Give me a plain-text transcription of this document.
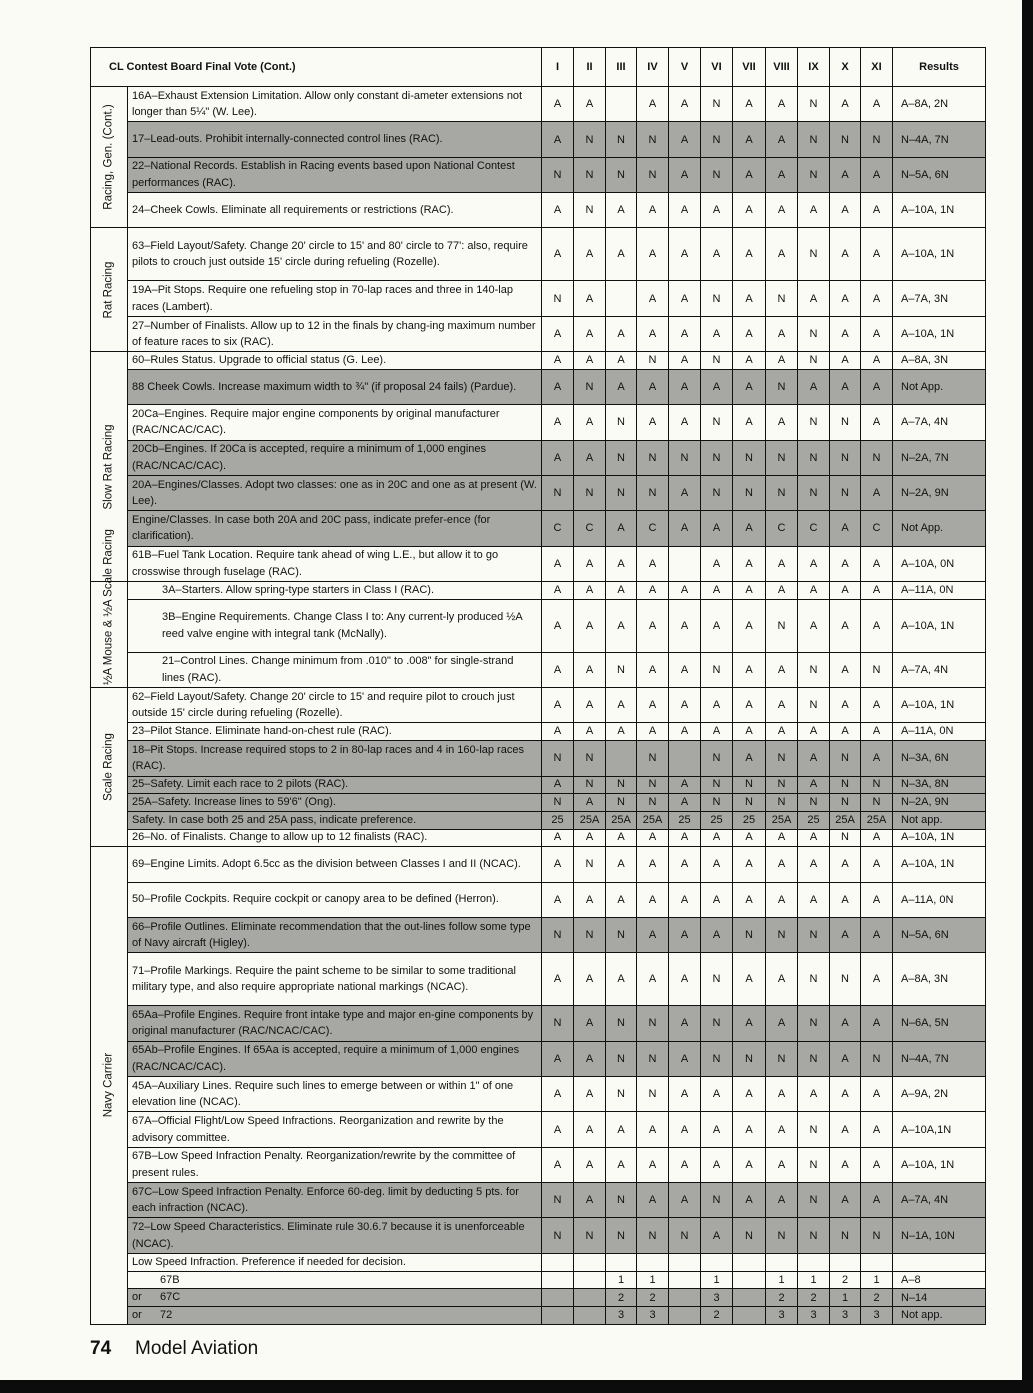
CL Contest Board Final Vote (Cont.)		I	II	III	IV	V	VI	VII	VIII	IX	X	XI	Results

Racing, Gen. (Cont.)	16A–Exhaust Extension Limitation. Allow only constant di-ameter extensions not longer than 5¼" (W. Lee).	A	A		A	A	N	A	A	N	A	A	A–8A, 2N
	17–Lead-outs. Prohibit internally-connected control lines (RAC).	A	N	N	N	A	N	A	A	N	N	N	N–4A, 7N
	22–National Records. Establish in Racing events based upon National Contest performances (RAC).	N	N	N	N	A	N	A	A	N	A	A	N–5A, 6N
	24–Cheek Cowls. Eliminate all requirements or restrictions (RAC).	A	N	A	A	A	A	A	A	A	A	A	A–10A, 1N

Rat Racing	63–Field Layout/Safety. Change 20' circle to 15' and 80' circle to 77': also, require pilots to crouch just outside 15' circle during refueling (Rozelle).	A	A	A	A	A	A	A	A	N	A	A	A–10A, 1N
	19A–Pit Stops. Require one refueling stop in 70-lap races and three in 140-lap races (Lambert).	N	A		A	A	N	A	N	A	A	A	A–7A, 3N
	27–Number of Finalists. Allow up to 12 in the finals by chang-ing maximum number of feature races to six (RAC).	A	A	A	A	A	A	A	A	N	A	A	A–10A, 1N

Slow Rat Racing	60–Rules Status. Upgrade to official status (G. Lee).	A	A	A	N	A	N	A	A	N	A	A	A–8A, 3N
	88 Cheek Cowls. Increase maximum width to ¾" (if proposal 24 fails) (Pardue).	A	N	A	A	A	A	A	N	A	A	A	Not App.
	20Ca–Engines. Require major engine components by original manufacturer (RAC/NCAC/CAC).	A	A	N	A	A	N	A	A	N	N	A	A–7A, 4N
	20Cb–Engines. If 20Ca is accepted, require a minimum of 1,000 engines (RAC/NCAC/CAC).	A	A	N	N	N	N	N	N	N	N	N	N–2A, 7N
	20A–Engines/Classes. Adopt two classes: one as in 20C and one as at present (W. Lee).	N	N	N	N	A	N	N	N	N	N	A	N–2A, 9N
	Engine/Classes. In case both 20A and 20C pass, indicate prefer-ence (for clarification).	C	C	A	C	A	A	A	C	C	A	C	Not App.
	61B–Fuel Tank Location. Require tank ahead of wing L.E., but allow it to go crosswise through fuselage (RAC).	A	A	A	A		A	A	A	A	A	A	A–10A, 0N

½A Mouse & ½A Scale Racing	3A–Starters. Allow spring-type starters in Class I (RAC).	A	A	A	A	A	A	A	A	A	A	A	A–11A, 0N
	3B–Engine Requirements. Change Class I to: Any current-ly produced ½A reed valve engine with integral tank (McNally).	A	A	A	A	A	A	A	N	A	A	A	A–10A, 1N
	21–Control Lines. Change minimum from .010" to .008" for single-strand lines (RAC).	A	A	N	A	A	N	A	A	N	A	N	A–7A, 4N

Scale Racing	62–Field Layout/Safety. Change 20' circle to 15' and require pilot to crouch just outside 15' circle during refueling (Rozelle).	A	A	A	A	A	A	A	A	N	A	A	A–10A, 1N
	23–Pilot Stance. Eliminate hand-on-chest rule (RAC).	A	A	A	A	A	A	A	A	A	A	A	A–11A, 0N
	18–Pit Stops. Increase required stops to 2 in 80-lap races and 4 in 160-lap races (RAC).	N	N		N		N	A	N	A	N	A	N–3A, 6N
	25–Safety. Limit each race to 2 pilots (RAC).	A	N	N	N	A	N	N	N	A	N	N	N–3A, 8N
	25A–Safety. Increase lines to 59'6" (Ong).	N	A	N	N	A	N	N	N	N	N	N	N–2A, 9N
	Safety. In case both 25 and 25A pass, indicate preference.	25	25A	25A	25A	25	25	25	25A	25	25A	25A	Not app.
	26–No. of Finalists. Change to allow up to 12 finalists (RAC).	A	A	A	A	A	A	A	A	A	N	A	A–10A, 1N

Navy Carrier	69–Engine Limits. Adopt 6.5cc as the division between Classes I and II (NCAC).	A	N	A	A	A	A	A	A	A	A	A	A–10A, 1N
	50–Profile Cockpits. Require cockpit or canopy area to be defined (Herron).	A	A	A	A	A	A	A	A	A	A	A	A–11A, 0N
	66–Profile Outlines. Eliminate recommendation that the out-lines follow some type of Navy aircraft (Higley).	N	N	N	A	A	A	N	N	N	A	A	N–5A, 6N
	71–Profile Markings. Require the paint scheme to be similar to some traditional military type, and also require appropriate national markings (NCAC).	A	A	A	A	A	N	A	A	N	N	A	A–8A, 3N
	65Aa–Profile Engines. Require front intake type and major en-gine components by original manufacturer (RAC/NCAC/CAC).	N	A	N	N	A	N	A	A	N	A	A	N–6A, 5N
	65Ab–Profile Engines. If 65Aa is accepted, require a minimum of 1,000 engines (RAC/NCAC/CAC).	A	A	N	N	A	N	N	N	N	A	N	N–4A, 7N
	45A–Auxiliary Lines. Require such lines to emerge between or within 1" of one elevation line (NCAC).	A	A	N	N	A	A	A	A	A	A	A	A–9A, 2N
	67A–Official Flight/Low Speed Infractions. Reorganization and rewrite by the advisory committee.	A	A	A	A	A	A	A	A	N	A	A	A–10A,1N
	67B–Low Speed Infraction Penalty. Reorganization/rewrite by the committee of present rules.	A	A	A	A	A	A	A	A	N	A	A	A–10A, 1N
	67C–Low Speed Infraction Penalty. Enforce 60-deg. limit by deducting 5 pts. for each infraction (NCAC).	N	A	N	A	A	N	A	A	N	A	A	A–7A, 4N
	72–Low Speed Characteristics. Eliminate rule 30.6.7 because it is unenforceable (NCAC).	N	N	N	N	N	A	N	N	N	N	N	N–1A, 10N
	Low Speed Infraction. Preference if needed for decision.												

	67B			1	1		1		1	1	2	1	A–8

	or 67C			2	2		3		2	2	1	2	N–14

	or 72			3	3		2		3	3	3	3	Not app.
74 Model Aviation
